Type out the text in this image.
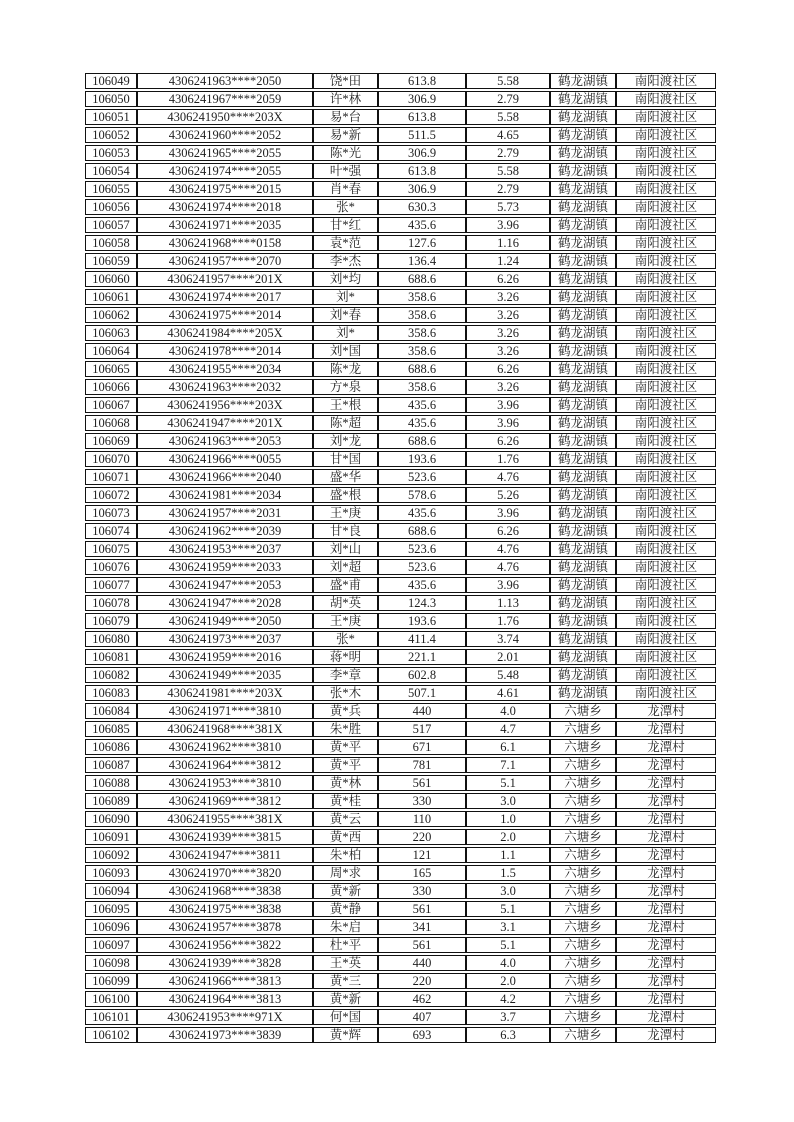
106049	4306241963****2050	饶*田	613.8	5.58	鹤龙湖镇	南阳渡社区
106050	4306241967****2059	许*林	306.9	2.79	鹤龙湖镇	南阳渡社区
106051	4306241950****203X	易*台	613.8	5.58	鹤龙湖镇	南阳渡社区
106052	4306241960****2052	易*新	511.5	4.65	鹤龙湖镇	南阳渡社区
106053	4306241965****2055	陈*光	306.9	2.79	鹤龙湖镇	南阳渡社区
106054	4306241974****2055	叶*强	613.8	5.58	鹤龙湖镇	南阳渡社区
106055	4306241975****2015	肖*春	306.9	2.79	鹤龙湖镇	南阳渡社区
106056	4306241974****2018	张*	630.3	5.73	鹤龙湖镇	南阳渡社区
106057	4306241971****2035	甘*红	435.6	3.96	鹤龙湖镇	南阳渡社区
106058	4306241968****0158	袁*范	127.6	1.16	鹤龙湖镇	南阳渡社区
106059	4306241957****2070	李*杰	136.4	1.24	鹤龙湖镇	南阳渡社区
106060	4306241957****201X	刘*均	688.6	6.26	鹤龙湖镇	南阳渡社区
106061	4306241974****2017	刘*	358.6	3.26	鹤龙湖镇	南阳渡社区
106062	4306241975****2014	刘*春	358.6	3.26	鹤龙湖镇	南阳渡社区
106063	4306241984****205X	刘*	358.6	3.26	鹤龙湖镇	南阳渡社区
106064	4306241978****2014	刘*国	358.6	3.26	鹤龙湖镇	南阳渡社区
106065	4306241955****2034	陈*龙	688.6	6.26	鹤龙湖镇	南阳渡社区
106066	4306241963****2032	方*泉	358.6	3.26	鹤龙湖镇	南阳渡社区
106067	4306241956****203X	王*根	435.6	3.96	鹤龙湖镇	南阳渡社区
106068	4306241947****201X	陈*超	435.6	3.96	鹤龙湖镇	南阳渡社区
106069	4306241963****2053	刘*龙	688.6	6.26	鹤龙湖镇	南阳渡社区
106070	4306241966****0055	甘*国	193.6	1.76	鹤龙湖镇	南阳渡社区
106071	4306241966****2040	盛*华	523.6	4.76	鹤龙湖镇	南阳渡社区
106072	4306241981****2034	盛*根	578.6	5.26	鹤龙湖镇	南阳渡社区
106073	4306241957****2031	王*庚	435.6	3.96	鹤龙湖镇	南阳渡社区
106074	4306241962****2039	甘*良	688.6	6.26	鹤龙湖镇	南阳渡社区
106075	4306241953****2037	刘*山	523.6	4.76	鹤龙湖镇	南阳渡社区
106076	4306241959****2033	刘*超	523.6	4.76	鹤龙湖镇	南阳渡社区
106077	4306241947****2053	盛*甫	435.6	3.96	鹤龙湖镇	南阳渡社区
106078	4306241947****2028	胡*英	124.3	1.13	鹤龙湖镇	南阳渡社区
106079	4306241949****2050	王*庚	193.6	1.76	鹤龙湖镇	南阳渡社区
106080	4306241973****2037	张*	411.4	3.74	鹤龙湖镇	南阳渡社区
106081	4306241959****2016	蒋*明	221.1	2.01	鹤龙湖镇	南阳渡社区
106082	4306241949****2035	李*章	602.8	5.48	鹤龙湖镇	南阳渡社区
106083	4306241981****203X	张*木	507.1	4.61	鹤龙湖镇	南阳渡社区
106084	4306241971****3810	黄*兵	440	4.0	六塘乡	龙潭村
106085	4306241968****381X	朱*胜	517	4.7	六塘乡	龙潭村
106086	4306241962****3810	黄*平	671	6.1	六塘乡	龙潭村
106087	4306241964****3812	黄*平	781	7.1	六塘乡	龙潭村
106088	4306241953****3810	黄*林	561	5.1	六塘乡	龙潭村
106089	4306241969****3812	黄*桂	330	3.0	六塘乡	龙潭村
106090	4306241955****381X	黄*云	110	1.0	六塘乡	龙潭村
106091	4306241939****3815	黄*西	220	2.0	六塘乡	龙潭村
106092	4306241947****3811	朱*柏	121	1.1	六塘乡	龙潭村
106093	4306241970****3820	周*求	165	1.5	六塘乡	龙潭村
106094	4306241968****3838	黄*新	330	3.0	六塘乡	龙潭村
106095	4306241975****3838	黄*静	561	5.1	六塘乡	龙潭村
106096	4306241957****3878	朱*启	341	3.1	六塘乡	龙潭村
106097	4306241956****3822	杜*平	561	5.1	六塘乡	龙潭村
106098	4306241939****3828	王*英	440	4.0	六塘乡	龙潭村
106099	4306241966****3813	黄*三	220	2.0	六塘乡	龙潭村
106100	4306241964****3813	黄*新	462	4.2	六塘乡	龙潭村
106101	4306241953****971X	何*国	407	3.7	六塘乡	龙潭村
106102	4306241973****3839	黄*辉	693	6.3	六塘乡	龙潭村
